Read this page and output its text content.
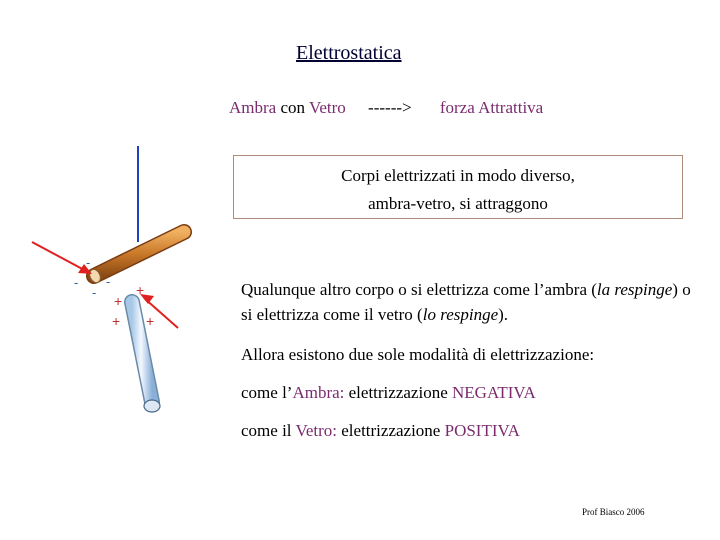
Elettrostatica
Ambra con Vetro ------> forza Attrattiva
Corpi elettrizzati in modo diverso,
ambra-vetro, si attraggono
Qualunque altro corpo o si elettrizza come l’ambra (la respinge) o si elettrizza come il vetro (lo respinge).
Allora esistono due sole modalità di elettrizzazione:
come l’Ambra: elettrizzazione NEGATIVA
come il Vetro: elettrizzazione POSITIVA
-
-
-
-
+
+
+ +
Prof Biasco 2006
